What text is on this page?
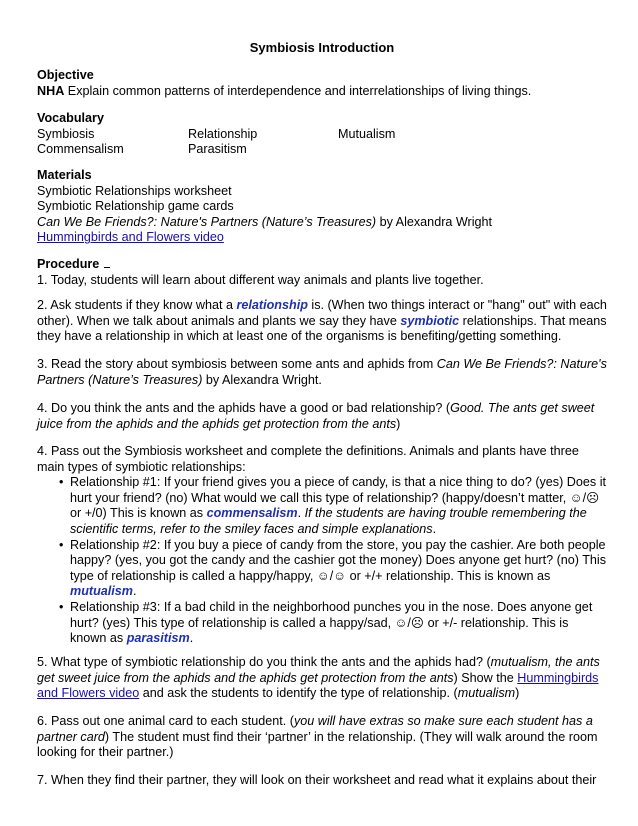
Symbiosis Introduction
Objective
NHA Explain common patterns of interdependence and interrelationships of living things.
Vocabulary
Symbiosis	Relationship	Mutualism
Commensalism	Parasitism
Materials
Symbiotic Relationships worksheet
Symbiotic Relationship game cards
Can We Be Friends?: Nature's Partners (Nature’s Treasures) by Alexandra Wright
Hummingbirds and Flowers video
Procedure
1. Today, students will learn about different way animals and plants live together.
2. Ask students if they know what a relationship is. (When two things interact or "hang" out" with each other). When we talk about animals and plants we say they have symbiotic relationships. That means they have a relationship in which at least one of the organisms is benefiting/getting something.
3. Read the story about symbiosis between some ants and aphids from Can We Be Friends?: Nature's Partners (Nature’s Treasures) by Alexandra Wright.
4. Do you think the ants and the aphids have a good or bad relationship? (Good. The ants get sweet juice from the aphids and the aphids get protection from the ants)
4. Pass out the Symbiosis worksheet and complete the definitions. Animals and plants have three main types of symbiotic relationships:
• Relationship #1: If your friend gives you a piece of candy, is that a nice thing to do? (yes) Does it hurt your friend? (no) What would we call this type of relationship? (happy/doesn’t matter, ☺/☹ or +/0) This is known as commensalism. If the students are having trouble remembering the scientific terms, refer to the smiley faces and simple explanations.
• Relationship #2: If you buy a piece of candy from the store, you pay the cashier. Are both people happy? (yes, you got the candy and the cashier got the money) Does anyone get hurt? (no) This type of relationship is called a happy/happy, ☺/☺ or +/+ relationship. This is known as mutualism.
• Relationship #3: If a bad child in the neighborhood punches you in the nose. Does anyone get hurt? (yes) This type of relationship is called a happy/sad, ☺/☹ or +/- relationship. This is known as parasitism.
5. What type of symbiotic relationship do you think the ants and the aphids had? (mutualism, the ants get sweet juice from the aphids and the aphids get protection from the ants) Show the Hummingbirds and Flowers video and ask the students to identify the type of relationship. (mutualism)
6. Pass out one animal card to each student. (you will have extras so make sure each student has a partner card) The student must find their ‘partner’ in the relationship. (They will walk around the room looking for their partner.)
7. When they find their partner, they will look on their worksheet and read what it explains about their
